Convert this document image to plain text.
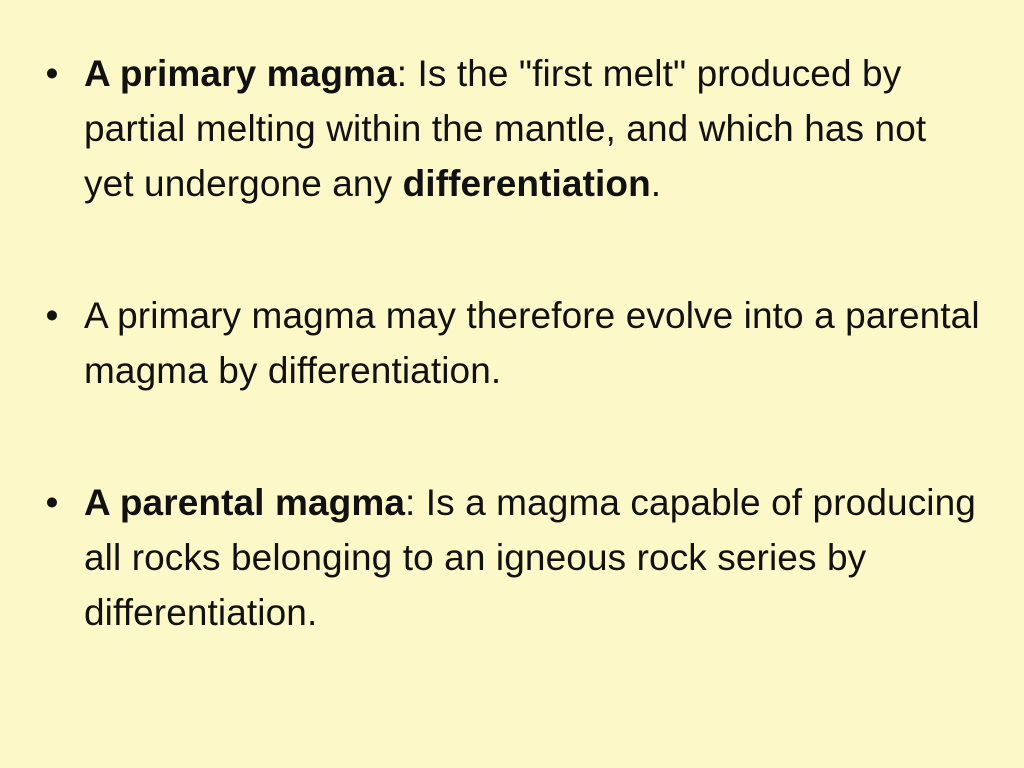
• A primary magma: Is the "first melt" produced by partial melting within the mantle, and which has not yet undergone any differentiation.
• A primary magma may therefore evolve into a parental magma by differentiation.
• A parental magma: Is a magma capable of producing all rocks belonging to an igneous rock series by differentiation.
